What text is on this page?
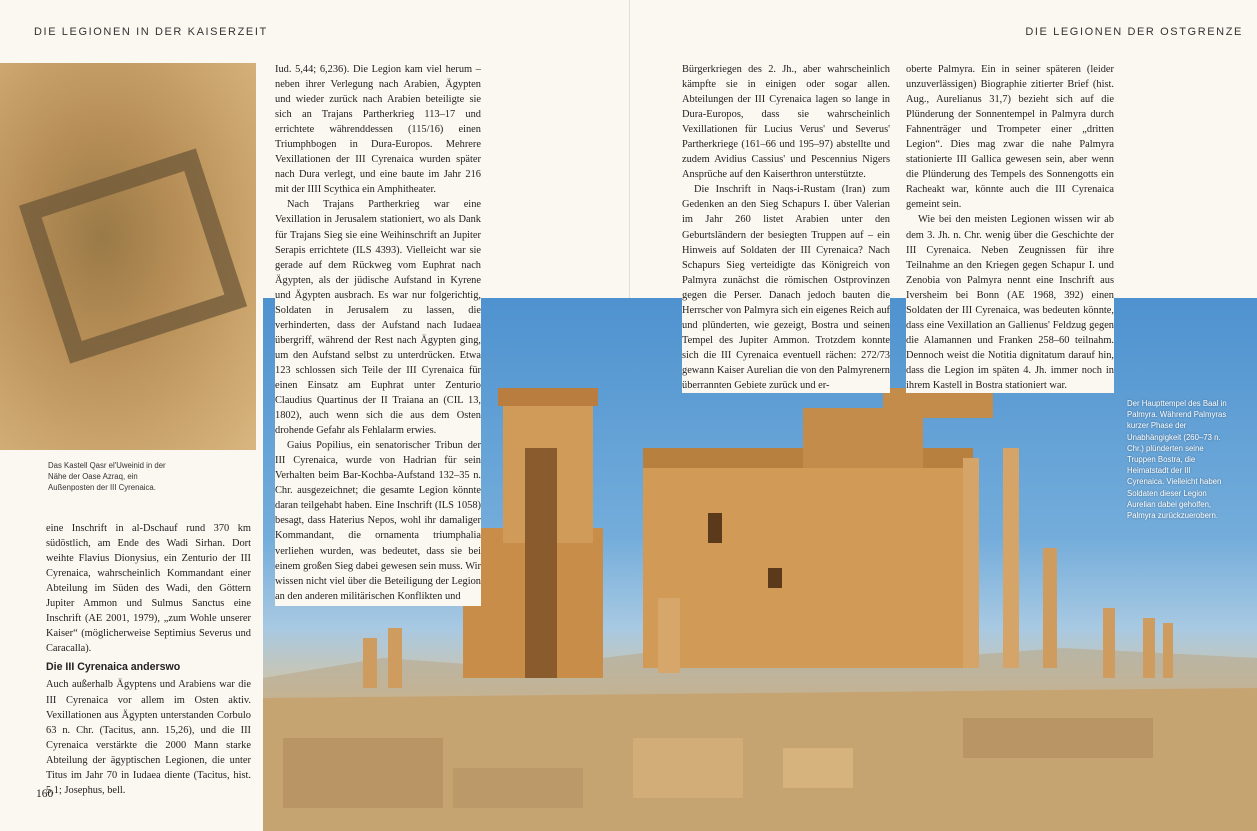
DIE LEGIONEN IN DER KAISERZEIT	DIE LEGIONEN DER OSTGRENZE
Das Kastell Qasr el'Uweinid in der Nähe der Oase Azraq, ein Außenposten der III Cyrenaica.
Der Haupttempel des Baal in Palmyra. Während Palmyras kurzer Phase der Unabhängigkeit (260–73 n. Chr.) plünderten seine Truppen Bostra, die Heimatstadt der III Cyrenaica. Vielleicht haben Soldaten dieser Legion Aurelian dabei geholfen, Palmyra zurückzuerobern.

eine Inschrift in al-Dschauf rund 370 km südöstlich, am Ende des Wadi Sirhan. Dort weihte Flavius Dionysius, ein Zenturio der III Cyrenaica, wahrscheinlich Kommandant einer Abteilung im Süden des Wadi, den Göttern Jupiter Ammon und Sulmus Sanctus eine Inschrift (AE 2001, 1979), „zum Wohle unserer Kaiser“ (möglicherweise Septimius Severus und Caracalla).

Die III Cyrenaica anderswo

Auch außerhalb Ägyptens und Arabiens war die III Cyrenaica vor allem im Osten aktiv. Vexillationen aus Ägypten unterstanden Corbulo 63 n. Chr. (Tacitus, ann. 15,26), und die III Cyrenaica verstärkte die 2000 Mann starke Abteilung der ägyptischen Legionen, die unter Titus im Jahr 70 in Iudaea diente (Tacitus, hist. 5,1; Josephus, bell.

Iud. 5,44; 6,236). Die Legion kam viel herum – neben ihrer Verlegung nach Arabien, Ägypten und wieder zurück nach Arabien beteiligte sie sich an Trajans Partherkrieg 113–17 und errichtete währenddessen (115/16) einen Triumphbogen in Dura-Europos. Mehrere Vexillationen der III Cyrenaica wurden später nach Dura verlegt, und eine baute im Jahr 216 mit der IIII Scythica ein Amphitheater.

Nach Trajans Partherkrieg war eine Vexillation in Jerusalem stationiert, wo als Dank für Trajans Sieg sie eine Weihinschrift an Jupiter Serapis errichtete (ILS 4393). Vielleicht war sie gerade auf dem Rückweg vom Euphrat nach Ägypten, als der jüdische Aufstand in Kyrene und Ägypten ausbrach. Es war nur folgerichtig, Soldaten in Jerusalem zu lassen, die verhinderten, dass der Aufstand nach Iudaea übergriff, während der Rest nach Ägypten ging, um den Aufstand selbst zu unterdrücken. Etwa 123 schlossen sich Teile der III Cyrenaica für einen Einsatz am Euphrat unter Zenturio Claudius Quartinus der II Traiana an (CIL 13, 1802), auch wenn sich die aus dem Osten drohende Gefahr als Fehlalarm erwies.

Gaius Popilius, ein senatorischer Tribun der III Cyrenaica, wurde von Hadrian für sein Verhalten beim Bar-Kochba-Aufstand 132–35 n. Chr. ausgezeichnet; die gesamte Legion könnte daran teilgehabt haben. Eine Inschrift (ILS 1058) besagt, dass Haterius Nepos, wohl ihr damaliger Kommandant, die ornamenta triumphalia verliehen wurden, was bedeutet, dass sie bei einem großen Sieg dabei gewesen sein muss. Wir wissen nicht viel über die Beteiligung der Legion an den anderen militärischen Konflikten und

Bürgerkriegen des 2. Jh., aber wahrscheinlich kämpfte sie in einigen oder sogar allen. Abteilungen der III Cyrenaica lagen so lange in Dura-Europos, dass sie wahrscheinlich Vexillationen für Lucius Verus' und Severus' Partherkriege (161–66 und 195–97) abstellte und zudem Avidius Cassius' und Pescennius Nigers Ansprüche auf den Kaiserthron unterstützte.

Die Inschrift in Naqs-i-Rustam (Iran) zum Gedenken an den Sieg Schapurs I. über Valerian im Jahr 260 listet Arabien unter den Geburtsländern der besiegten Truppen auf – ein Hinweis auf Soldaten der III Cyrenaica? Nach Schapurs Sieg verteidigte das Königreich von Palmyra zunächst die römischen Ostprovinzen gegen die Perser. Danach jedoch bauten die Herrscher von Palmyra sich ein eigenes Reich auf und plünderten, wie gezeigt, Bostra und seinen Tempel des Jupiter Ammon. Trotzdem konnte sich die III Cyrenaica eventuell rächen: 272/73 gewann Kaiser Aurelian die von den Palmyrenern überrannten Gebiete zurück und er-

oberte Palmyra. Ein in seiner späteren (leider unzuverlässigen) Biographie zitierter Brief (hist. Aug., Aurelianus 31,7) bezieht sich auf die Plünderung der Sonnentempel in Palmyra durch Fahnenträger und Trompeter einer „dritten Legion“. Dies mag zwar die nahe Palmyra stationierte III Gallica gewesen sein, aber wenn die Plünderung des Tempels des Sonnengotts ein Racheakt war, könnte auch die III Cyrenaica gemeint sein.

Wie bei den meisten Legionen wissen wir ab dem 3. Jh. n. Chr. wenig über die Geschichte der III Cyrenaica. Neben Zeugnissen für ihre Teilnahme an den Kriegen gegen Schapur I. und Zenobia von Palmyra nennt eine Inschrift aus Iversheim bei Bonn (AE 1968, 392) einen Soldaten der III Cyrenaica, was bedeuten könnte, dass eine Vexillation an Gallienus' Feldzug gegen die Alamannen und Franken 258–60 teilnahm. Dennoch weist die Notitia dignitatum darauf hin, dass die Legion im späten 4. Jh. immer noch in ihrem Kastell in Bostra stationiert war.

160
